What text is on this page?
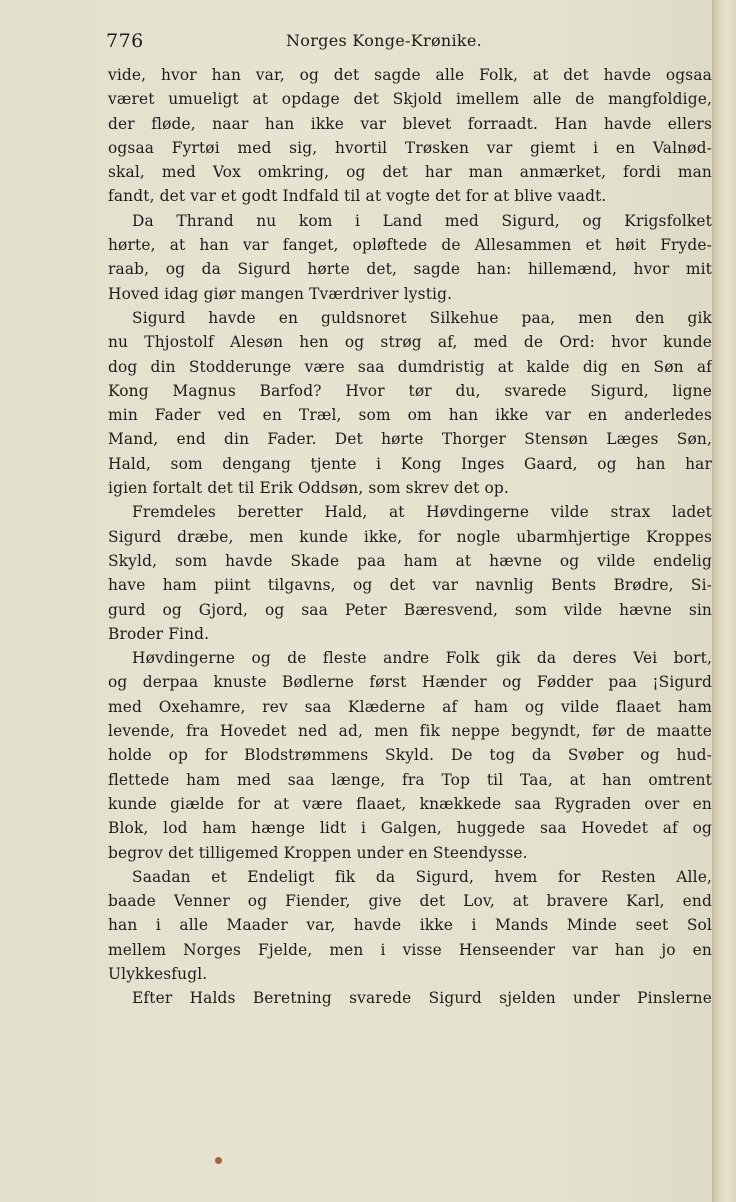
776	Norges Konge-Krønike.
vide, hvor han var, og det sagde alle Folk, at det havde ogsaa
været umueligt at opdage det Skjold imellem alle de mangfoldige,
der fløde, naar han ikke var blevet forraadt. Han havde ellers
ogsaa Fyrtøi med sig, hvortil Trøsken var giemt i en Valnød-
skal, med Vox omkring, og det har man anmærket, fordi man
fandt, det var et godt Indfald til at vogte det for at blive vaadt.
Da Thrand nu kom i Land med Sigurd, og Krigsfolket
hørte, at han var fanget, opløftede de Allesammen et høit Fryde-
raab, og da Sigurd hørte det, sagde han: hillemænd, hvor mit
Hoved idag giør mangen Tværdriver lystig.
Sigurd havde en guldsnoret Silkehue paa, men den gik
nu Thjostolf Alesøn hen og strøg af, med de Ord: hvor kunde
dog din Stodderunge være saa dumdristig at kalde dig en Søn af
Kong Magnus Barfod? Hvor tør du, svarede Sigurd, ligne
min Fader ved en Træl, som om han ikke var en anderledes
Mand, end din Fader. Det hørte Thorger Stensøn Læges Søn,
Hald, som dengang tjente i Kong Inges Gaard, og han har
igien fortalt det til Erik Oddsøn, som skrev det op.
Fremdeles beretter Hald, at Høvdingerne vilde strax ladet
Sigurd dræbe, men kunde ikke, for nogle ubarmhjertige Kroppes
Skyld, som havde Skade paa ham at hævne og vilde endelig
have ham piint tilgavns, og det var navnlig Bents Brødre, Si-
gurd og Gjord, og saa Peter Bæresvend, som vilde hævne sin
Broder Find.
Høvdingerne og de fleste andre Folk gik da deres Vei bort,
og derpaa knuste Bødlerne først Hænder og Fødder paa ¡Sigurd
med Oxehamre, rev saa Klæderne af ham og vilde flaaet ham
levende, fra Hovedet ned ad, men fik neppe begyndt, før de maatte
holde op for Blodstrømmens Skyld. De tog da Svøber og hud-
flettede ham med saa længe, fra Top til Taa, at han omtrent
kunde giælde for at være flaaet, knækkede saa Rygraden over en
Blok, lod ham hænge lidt i Galgen, huggede saa Hovedet af og
begrov det tilligemed Kroppen under en Steendysse.
Saadan et Endeligt fik da Sigurd, hvem for Resten Alle,
baade Venner og Fiender, give det Lov, at bravere Karl, end
han i alle Maader var, havde ikke i Mands Minde seet Sol
mellem Norges Fjelde, men i visse Henseender var han jo en
Ulykkesfugl.
Efter Halds Beretning svarede Sigurd sjelden under Pinslerne
